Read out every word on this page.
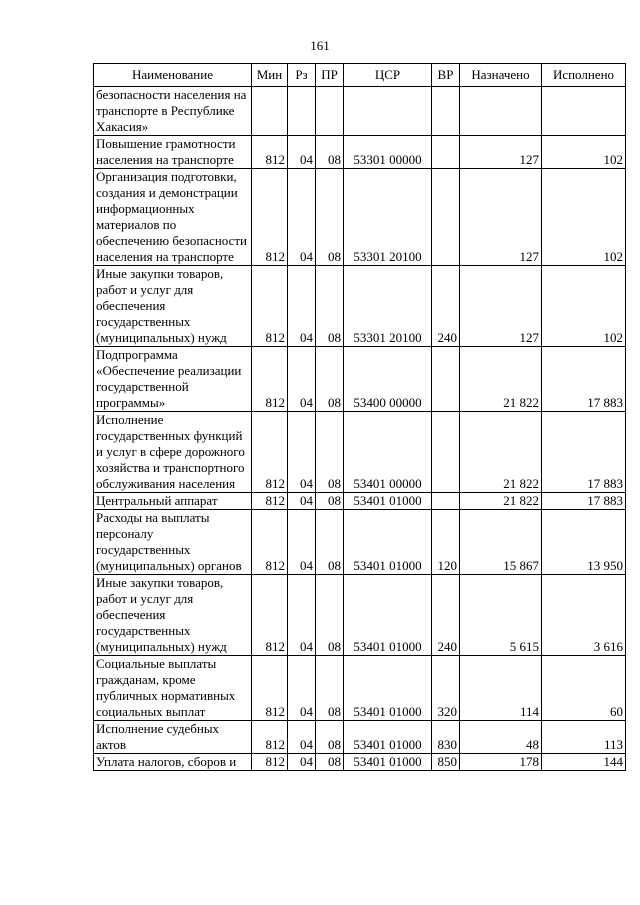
161
Наименование	Мин	Рз	ПР	ЦСР	ВР	Назначено	Исполнено
безопасности населения на транспорте в Республике Хакасия»							
Повышение грамотности населения на транспорте	812	04	08	53301 00000		127	102
Организация подготовки, создания и демонстрации информационных материалов по обеспечению безопасности населения на транспорте	812	04	08	53301 20100		127	102
Иные закупки товаров, работ и услуг для обеспечения государственных (муниципальных) нужд	812	04	08	53301 20100	240	127	102
Подпрограмма «Обеспечение реализации государственной программы»	812	04	08	53400 00000		21 822	17 883
Исполнение государственных функций и услуг в сфере дорожного хозяйства и транспортного обслуживания населения	812	04	08	53401 00000		21 822	17 883
Центральный аппарат	812	04	08	53401 01000		21 822	17 883
Расходы на выплаты персоналу государственных (муниципальных) органов	812	04	08	53401 01000	120	15 867	13 950
Иные закупки товаров, работ и услуг для обеспечения государственных (муниципальных) нужд	812	04	08	53401 01000	240	5 615	3 616
Социальные выплаты гражданам, кроме публичных нормативных социальных выплат	812	04	08	53401 01000	320	114	60
Исполнение судебных актов	812	04	08	53401 01000	830	48	113
Уплата налогов, сборов и	812	04	08	53401 01000	850	178	144
